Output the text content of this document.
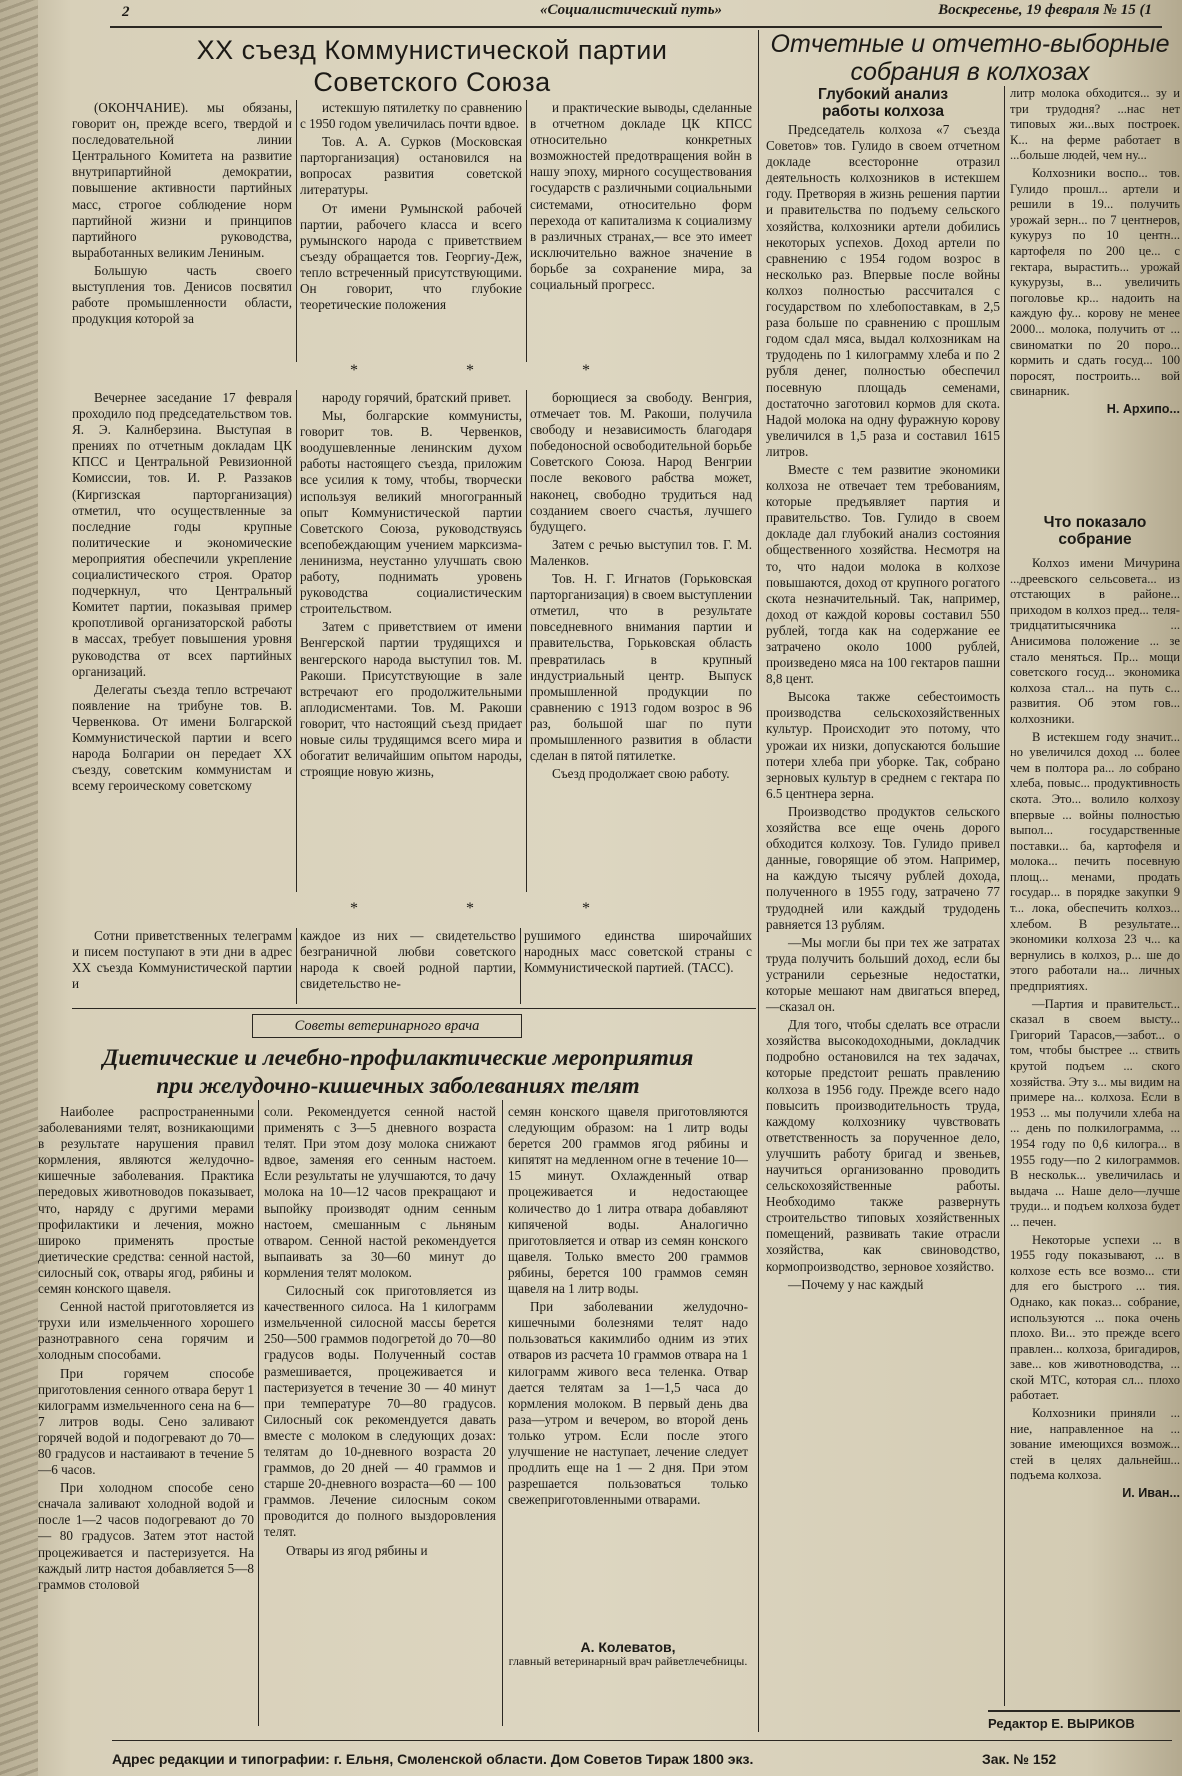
2	«Социалистический путь»	Воскресенье, 19 февраля № 15 (1
XX съезд Коммунистической партии
Советского Союза

(ОКОНЧАНИЕ). мы обязаны, говорит он, прежде всего, твердой и последовательной линии Центрального Комитета на развитие внутрипартийной демократии, повышение активности партийных масс, строгое соблюдение норм партийной жизни и принципов партийного руководства, выработанных великим Лениным.

Большую часть своего выступления тов. Денисов посвятил работе промышленности области, продукция которой за

истекшую пятилетку по сравнению с 1950 годом увеличилась почти вдвое.

Тов. А. А. Сурков (Московская парторганизация) остановился на вопросах развития советской литературы.

От имени Румынской рабочей партии, рабочего класса и всего румынского народа с приветствием съезду обращается тов. Георгиу-Деж, тепло встреченный присутствующими. Он говорит, что глубокие теоретические положения

и практические выводы, сделанные в отчетном докладе ЦК КПСС относительно конкретных возможностей предотвращения войн в нашу эпоху, мирного сосуществования государств с различными социальными системами, относительно форм перехода от капитализма к социализму в различных странах,— все это имеет исключительно важное значение в борьбе за сохранение мира, за социальный прогресс.

* * *

Вечернее заседание 17 февраля проходило под председательством тов. Я. Э. Калнберзина. Выступая в прениях по отчетным докладам ЦК КПСС и Центральной Ревизионной Комиссии, тов. И. Р. Раззаков (Киргизская парторганизация) отметил, что осуществленные за последние годы крупные политические и экономические мероприятия обеспечили укрепление социалистического строя. Оратор подчеркнул, что Центральный Комитет партии, показывая пример кропотливой организаторской работы в массах, требует повышения уровня руководства от всех партийных организаций.

Делегаты съезда тепло встречают появление на трибуне тов. В. Червенкова. От имени Болгарской Коммунистической партии и всего народа Болгарии он передает XX съезду, советским коммунистам и всему героическому советскому

народу горячий, братский привет.

Мы, болгарские коммунисты, говорит тов. В. Червенков, воодушевленные ленинским духом работы настоящего съезда, приложим все усилия к тому, чтобы, творчески используя великий многогранный опыт Коммунистической партии Советского Союза, руководствуясь всепобеждающим учением марксизма-ленинизма, неустанно улучшать свою работу, поднимать уровень руководства социалистическим строительством.

Затем с приветствием от имени Венгерской партии трудящихся и венгерского народа выступил тов. М. Ракоши. Присутствующие в зале встречают его продолжительными аплодисментами. Тов. М. Ракоши говорит, что настоящий съезд придает новые силы трудящимся всего мира и обогатит величайшим опытом народы, строящие новую жизнь,

борющиеся за свободу. Венгрия, отмечает тов. М. Ракоши, получила свободу и независимость благодаря победоносной освободительной борьбе Советского Союза. Народ Венгрии после векового рабства может, наконец, свободно трудиться над созданием своего счастья, лучшего будущего.

Затем с речью выступил тов. Г. М. Маленков.

Тов. Н. Г. Игнатов (Горьковская парторганизация) в своем выступлении отметил, что в результате повседневного внимания партии и правительства, Горьковская область превратилась в крупный индустриальный центр. Выпуск промышленной продукции по сравнению с 1913 годом возрос в 96 раз, большой шаг по пути промышленного развития в области сделан в пятой пятилетке.

Съезд продолжает свою работу.

* * *

Сотни приветственных телеграмм и писем поступают в эти дни в адрес XX съезда Коммунистической партии и

каждое из них — свидетельство безграничной любви советского народа к своей родной партии, свидетельство не-

рушимого единства широчайших народных масс советской страны с Коммунистической партией. (ТАСС).

Советы ветеринарного врача
Диетические и лечебно-профилактические мероприятия
при желудочно-кишечных заболеваниях телят

Наиболее распространенными заболеваниями телят, возникающими в результате нарушения правил кормления, являются желудочно-кишечные заболевания. Практика передовых животноводов показывает, что, наряду с другими мерами профилактики и лечения, можно широко применять простые диетические средства: сенной настой, силосный сок, отвары ягод, рябины и семян конского щавеля.

Сенной настой приготовляется из трухи или измельченного хорошего разнотравного сена горячим и холодным способами.

При горячем способе приготовления сенного отвара берут 1 килограмм измельченного сена на 6—7 литров воды. Сено заливают горячей водой и подогревают до 70—80 градусов и настаивают в течение 5—6 часов.

При холодном способе сено сначала заливают холодной водой и после 1—2 часов подогревают до 70 — 80 градусов. Затем этот настой процеживается и пастеризуется. На каждый литр настоя добавляется 5—8 граммов столовой

соли. Рекомендуется сенной настой применять с 3—5 дневного возраста телят. При этом дозу молока снижают вдвое, заменяя его сенным настоем. Если результаты не улучшаются, то дачу молока на 10—12 часов прекращают и выпойку производят одним сенным настоем, смешанным с льняным отваром. Сенной настой рекомендуется выпаивать за 30—60 минут до кормления телят молоком.

Силосный сок приготовляется из качественного силоса. На 1 килограмм измельченной силосной массы берется 250—500 граммов подогретой до 70—80 градусов воды. Полученный состав размешивается, процеживается и пастеризуется в течение 30 — 40 минут при температуре 70—80 градусов. Силосный сок рекомендуется давать вместе с молоком в следующих дозах: телятам до 10-дневного возраста 20 граммов, до 20 дней — 40 граммов и старше 20-дневного возраста—60 — 100 граммов. Лечение силосным соком проводится до полного выздоровления телят.

Отвары из ягод рябины и

семян конского щавеля приготовляются следующим образом: на 1 литр воды берется 200 граммов ягод рябины и кипятят на медленном огне в течение 10—15 минут. Охлажденный отвар процеживается и недостающее количество до 1 литра отвара добавляют кипяченой воды. Аналогично приготовляется и отвар из семян конского щавеля. Только вместо 200 граммов рябины, берется 100 граммов семян щавеля на 1 литр воды.

При заболевании желудочно-кишечными болезнями телят надо пользоваться какимлибо одним из этих отваров из расчета 10 граммов отвара на 1 килограмм живого веса теленка. Отвар дается телятам за 1—1,5 часа до кормления молоком. В первый день два раза—утром и вечером, во второй день только утром. Если после этого улучшение не наступает, лечение следует продлить еще на 1 — 2 дня. При этом разрешается пользоваться только свежеприготовленными отварами.

А. Колеватов,
главный ветеринарный врач райветлечебницы.
Отчетные и отчетно-выборные
собрания в колхозах
Глубокий анализ
работы колхоза

Председатель колхоза «7 съезда Советов» тов. Гулидо в своем отчетном докладе всесторонне отразил деятельность колхозников в истекшем году. Претворяя в жизнь решения партии и правительства по подъему сельского хозяйства, колхозники артели добились некоторых успехов. Доход артели по сравнению с 1954 годом возрос в несколько раз. Впервые после войны колхоз полностью рассчитался с государством по хлебопоставкам, в 2,5 раза больше по сравнению с прошлым годом сдал мяса, выдал колхозникам на трудодень по 1 килограмму хлеба и по 2 рубля денег, полностью обеспечил посевную площадь семенами, достаточно заготовил кормов для скота. Надой молока на одну фуражную корову увеличился в 1,5 раза и составил 1615 литров.

Вместе с тем развитие экономики колхоза не отвечает тем требованиям, которые предъявляет партия и правительство. Тов. Гулидо в своем докладе дал глубокий анализ состояния общественного хозяйства. Несмотря на то, что надои молока в колхозе повышаются, доход от крупного рогатого скота незначительный. Так, например, доход от каждой коровы составил 550 рублей, тогда как на содержание ее затрачено около 1000 рублей, произведено мяса на 100 гектаров пашни 8,8 цент.

Высока также себестоимость производства сельскохозяйственных культур. Происходит это потому, что урожаи их низки, допускаются большие потери хлеба при уборке. Так, собрано зерновых культур в среднем с гектара по 6.5 центнера зерна.

Производство продуктов сельского хозяйства все еще очень дорого обходится колхозу. Тов. Гулидо привел данные, говорящие об этом. Например, на каждую тысячу рублей дохода, полученного в 1955 году, затрачено 77 трудодней или каждый трудодень равняется 13 рублям.

—Мы могли бы при тех же затратах труда получить больший доход, если бы устранили серьезные недостатки, которые мешают нам двигаться вперед,—сказал он.

Для того, чтобы сделать все отрасли хозяйства высокодоходными, докладчик подробно остановился на тех задачах, которые предстоит решать правлению колхоза в 1956 году. Прежде всего надо повысить производительность труда, каждому колхознику чувствовать ответственность за порученное дело, улучшить работу бригад и звеньев, научиться организованно проводить сельскохозяйственные работы. Необходимо также развернуть строительство типовых хозяйственных помещений, развивать такие отрасли хозяйства, как свиноводство, кормопроизводство, зерновое хозяйство.

—Почему у нас каждый

литр молока обходится... зу и три трудодня? ...нас нет типовых жи...вых построек. К... на ферме работает в ...больше людей, чем ну...

Колхозники воспо... тов. Гулидо прошл... артели и решили в 19... получить урожай зерн... по 7 центнеров, кукуруз по 10 центн... картофеля по 200 це... с гектара, вырастить... урожай кукурузы, в... увеличить поголовье кр... надоить на каждую фу... корову не менее 2000... молока, получить от ... свиноматки по 20 поро... кормить и сдать госуд... 100 поросят, построить... вой свинарник.

Н. Архипо...

Что показало
собрание

Колхоз имени Мичурина ...дреевского сельсовета... из отстающих в районе... приходом в колхоз пред... теля-тридцатитысячника ... Анисимова положение ... зе стало меняться. Пр... мощи советского госуд... экономика колхоза стал... на путь с... развития. Об этом гов... колхозники.

В истекшем году значит... но увеличился доход ... более чем в полтора ра... ло собрано хлеба, повыс... продуктивность скота. Это... волило колхозу впервые ... войны полностью выпол... государственные поставки... ба, картофеля и молока... печить посевную площ... менами, продать государ... в порядке закупки 9 т... лока, обеспечить колхоз... хлебом. В результате... экономики колхоза 23 ч... ка вернулись в колхоз, р... ше до этого работали на... личных предприятиях.

—Партия и правительст... сказал в своем высту... Григорий Тарасов,—забот... о том, чтобы быстрее ... ствить крутой подъем ... ского хозяйства. Эту з... мы видим на примере на... колхоза. Если в 1953 ... мы получили хлеба на ... день по полкилограмма, ... 1954 году по 0,6 килогра... в 1955 году—по 2 килограммов. В нескольк... увеличилась и выдача ... Наше дело—лучше труди... и подъем колхоза будет ... печен.

Некоторые успехи ... в 1955 году показывают, ... в колхозе есть все возмо... сти для его быстрого ... тия. Однако, как показ... собрание, используются ... пока очень плохо. Ви... это прежде всего правлен... колхоза, бригадиров, заве... ков животноводства, ... ской МТС, которая сл... плохо работает.

Колхозники приняли ... ние, направленное на ... зование имеющихся возмож... стей в целях дальнейш... подъема колхоза.

И. Иван...

Редактор Е. ВЫРИКОВ
Адрес редакции и типографии: г. Ельня, Смоленской области. Дом Советов Тираж 1800 экз.	Зак. № 152
